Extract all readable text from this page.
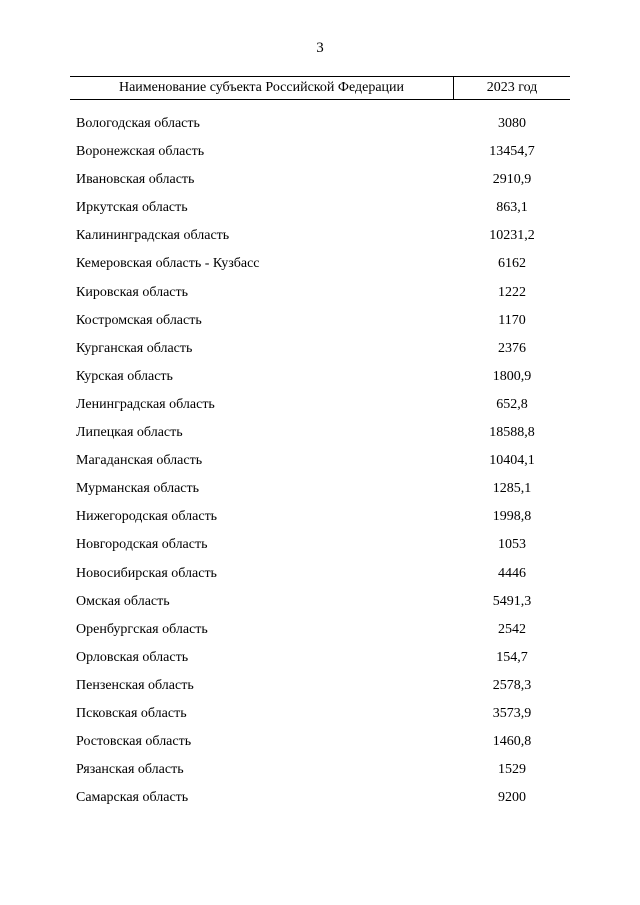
3
Наименование субъекта Российской Федерации	2023 год
Вологодская область	3080
Воронежская область	13454,7
Ивановская область	2910,9
Иркутская область	863,1
Калининградская область	10231,2
Кемеровская область - Кузбасс	6162
Кировская область	1222
Костромская область	1170
Курганская область	2376
Курская область	1800,9
Ленинградская область	652,8
Липецкая область	18588,8
Магаданская область	10404,1
Мурманская область	1285,1
Нижегородская область	1998,8
Новгородская область	1053
Новосибирская область	4446
Омская область	5491,3
Оренбургская область	2542
Орловская область	154,7
Пензенская область	2578,3
Псковская область	3573,9
Ростовская область	1460,8
Рязанская область	1529
Самарская область	9200
